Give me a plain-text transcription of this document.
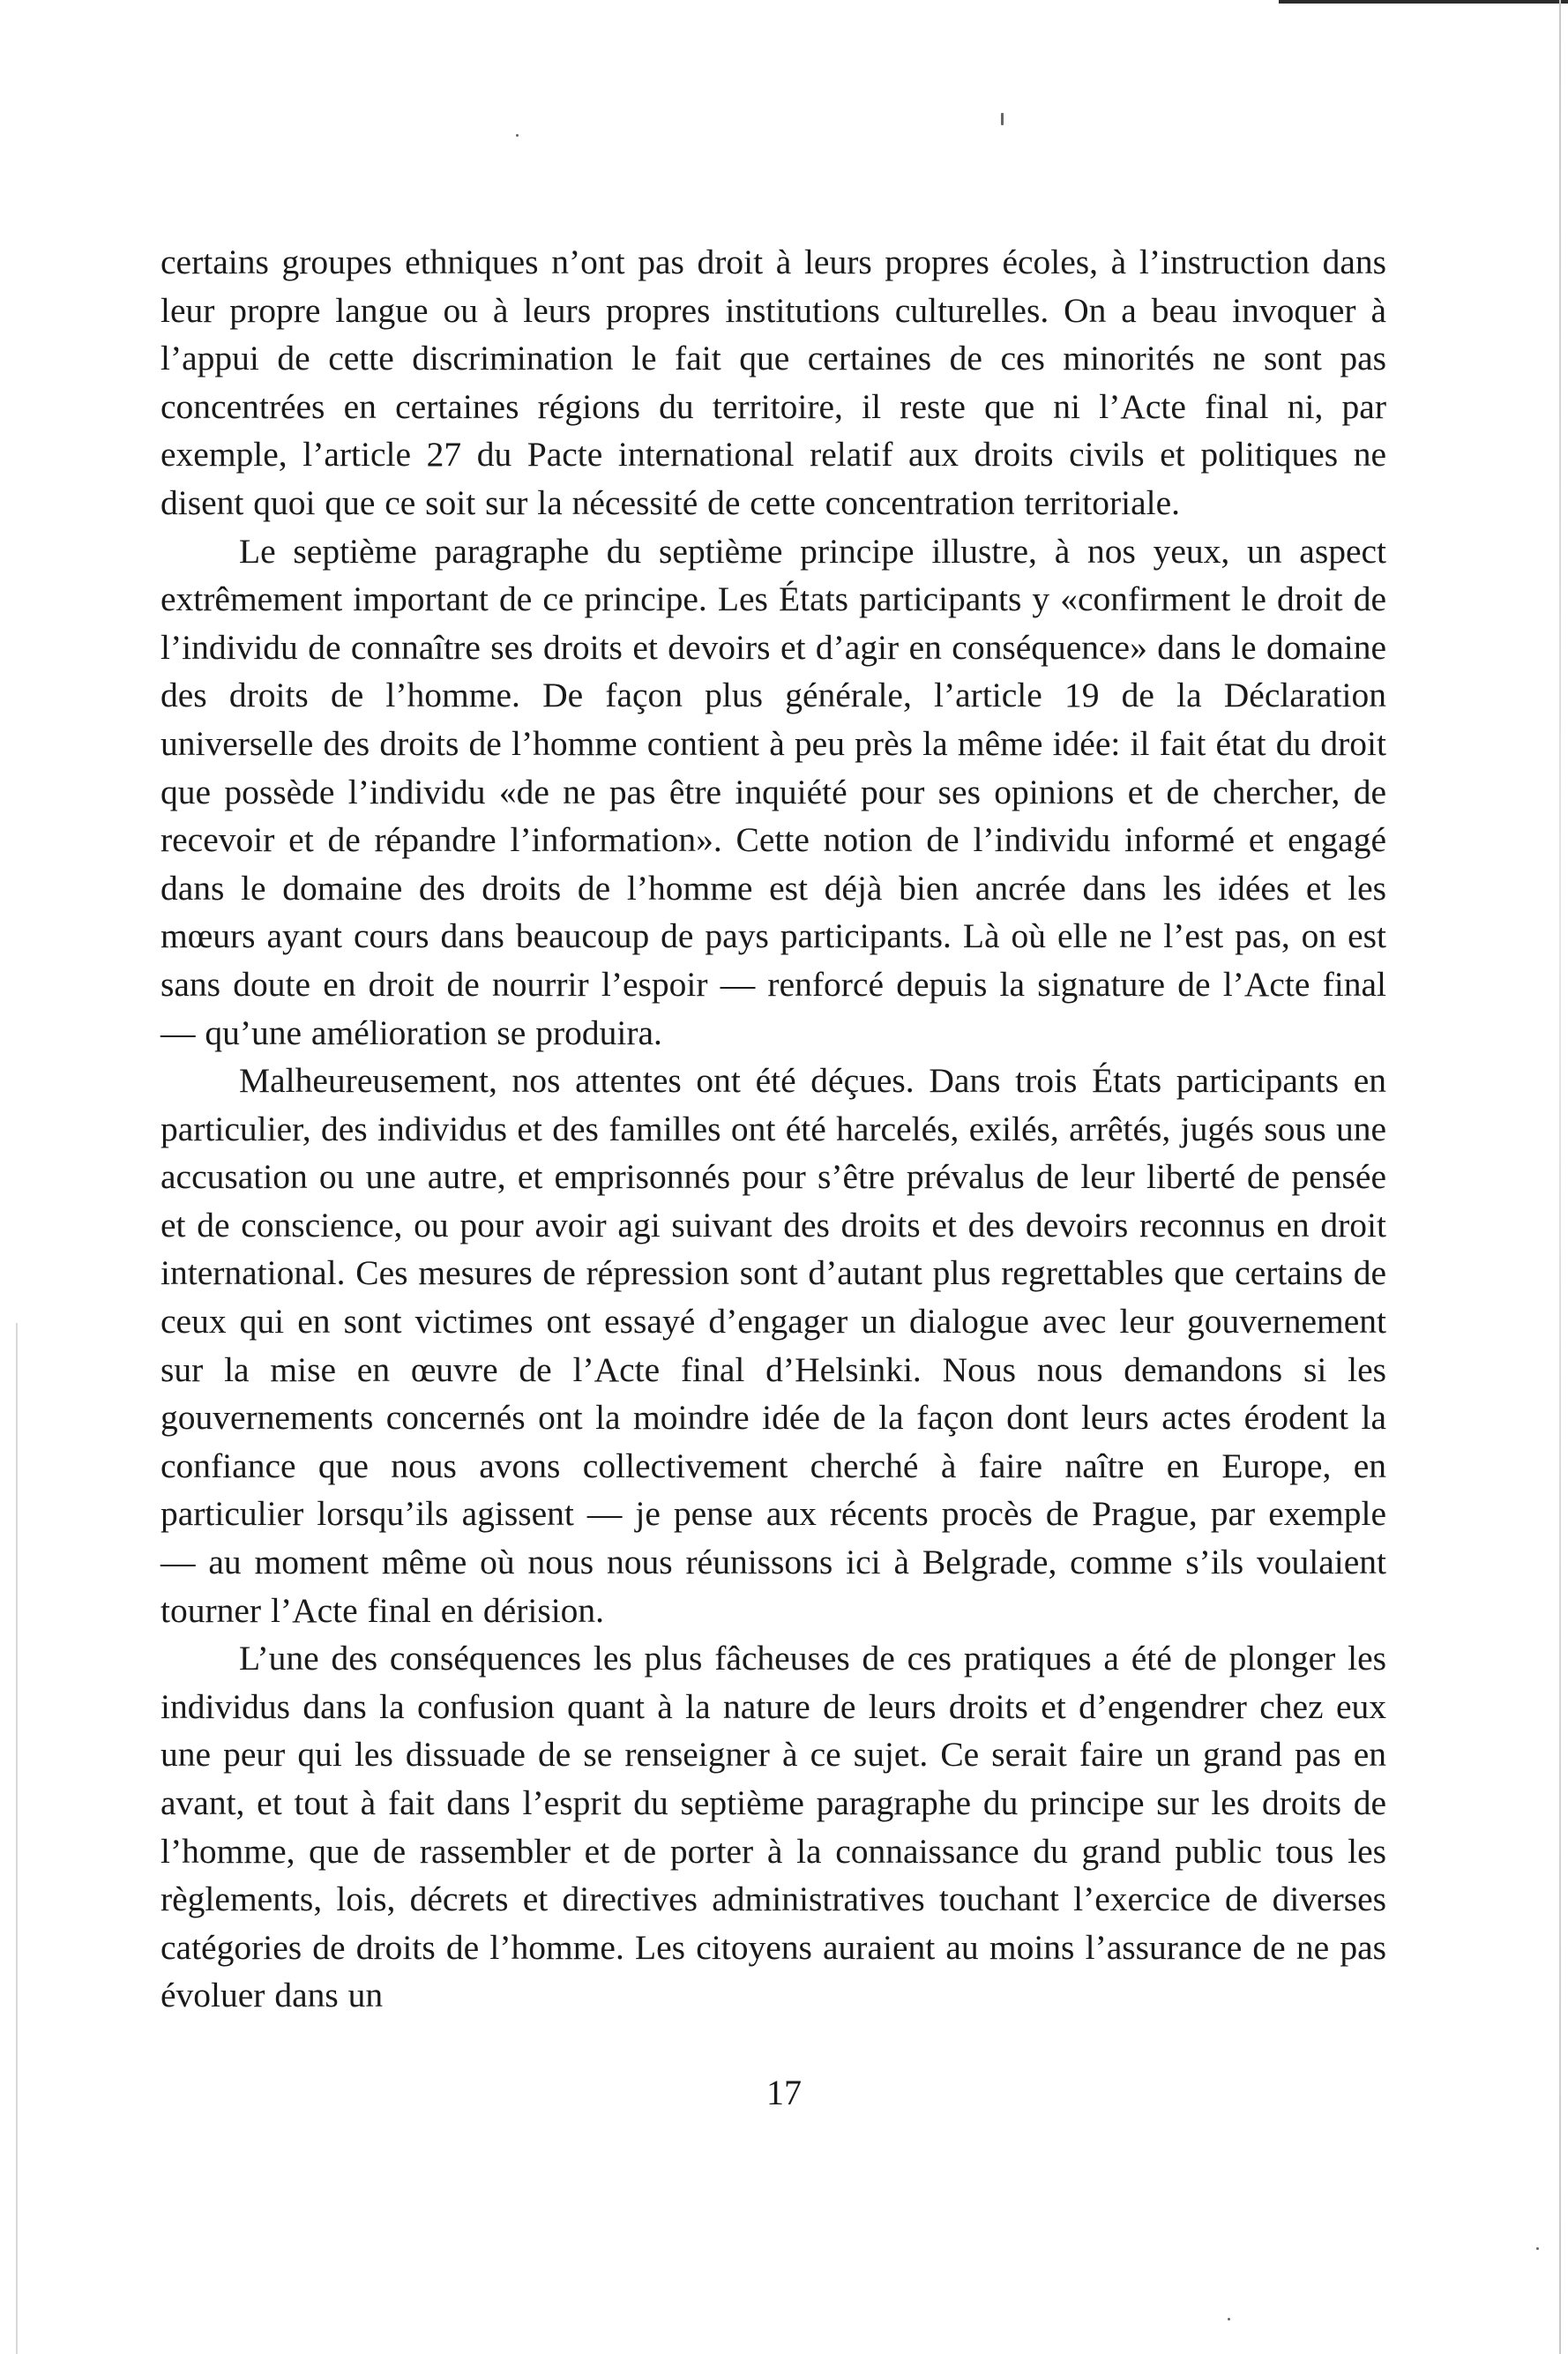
certains groupes ethniques n’ont pas droit à leurs propres écoles, à l’instruction dans leur propre langue ou à leurs propres institutions culturelles. On a beau invoquer à l’appui de cette discrimination le fait que certaines de ces minorités ne sont pas concentrées en certaines régions du territoire, il reste que ni l’Acte final ni, par exemple, l’article 27 du Pacte international relatif aux droits civils et politiques ne disent quoi que ce soit sur la nécessité de cette concentration territoriale.

Le septième paragraphe du septième principe illustre, à nos yeux, un aspect extrêmement important de ce principe. Les États participants y «confirment le droit de l’individu de connaître ses droits et devoirs et d’agir en conséquence» dans le domaine des droits de l’homme. De façon plus générale, l’article 19 de la Déclaration universelle des droits de l’homme contient à peu près la même idée: il fait état du droit que possède l’individu «de ne pas être inquiété pour ses opinions et de chercher, de recevoir et de répandre l’information». Cette notion de l’individu informé et engagé dans le domaine des droits de l’homme est déjà bien ancrée dans les idées et les mœurs ayant cours dans beaucoup de pays participants. Là où elle ne l’est pas, on est sans doute en droit de nourrir l’espoir — renforcé depuis la signature de l’Acte final — qu’une amélioration se produira.

Malheureusement, nos attentes ont été déçues. Dans trois États participants en particulier, des individus et des familles ont été harcelés, exilés, arrêtés, jugés sous une accusation ou une autre, et emprisonnés pour s’être prévalus de leur liberté de pensée et de conscience, ou pour avoir agi suivant des droits et des devoirs reconnus en droit international. Ces mesures de répression sont d’autant plus regrettables que certains de ceux qui en sont victimes ont essayé d’engager un dialogue avec leur gouvernement sur la mise en œuvre de l’Acte final d’Helsinki. Nous nous demandons si les gouvernements concernés ont la moindre idée de la façon dont leurs actes érodent la confiance que nous avons collectivement cherché à faire naître en Europe, en particulier lorsqu’ils agissent — je pense aux récents procès de Prague, par exemple — au moment même où nous nous réunissons ici à Belgrade, comme s’ils voulaient tourner l’Acte final en dérision.

L’une des conséquences les plus fâcheuses de ces pratiques a été de plonger les individus dans la confusion quant à la nature de leurs droits et d’engendrer chez eux une peur qui les dissuade de se renseigner à ce sujet. Ce serait faire un grand pas en avant, et tout à fait dans l’esprit du septième paragraphe du principe sur les droits de l’homme, que de rassembler et de porter à la connaissance du grand public tous les règlements, lois, décrets et directives administratives touchant l’exercice de diverses catégories de droits de l’homme. Les citoyens auraient au moins l’assurance de ne pas évoluer dans un

17
